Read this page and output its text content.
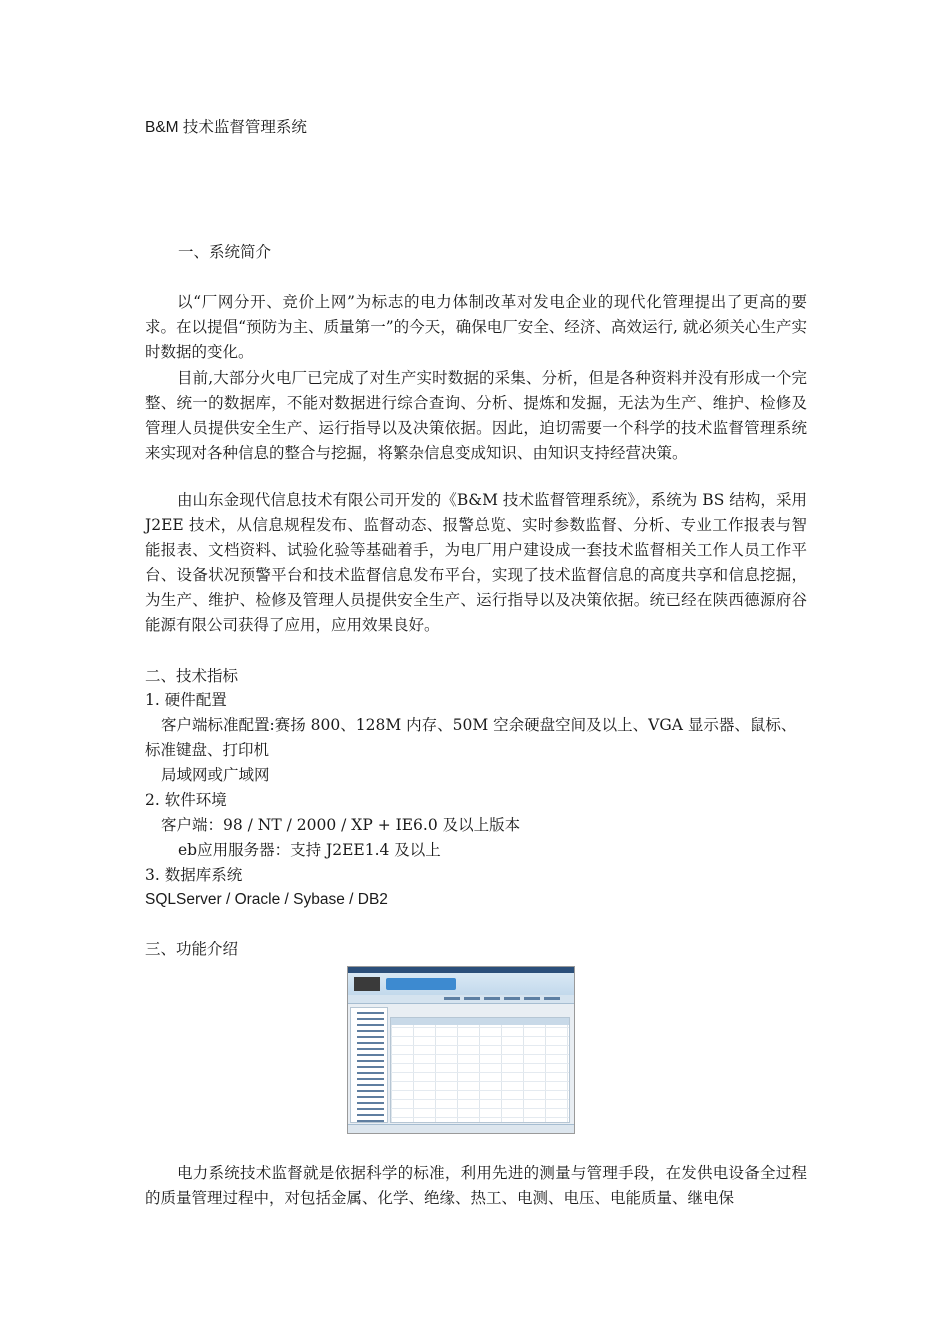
B&M 技术监督管理系统
一、系统简介
以“厂网分开、竞价上网”为标志的电力体制改革对发电企业的现代化管理提出了更高的要求。在以提倡“预防为主、质量第一”的今天，确保电厂安全、经济、高效运行, 就必须关心生产实时数据的变化。
目前,大部分火电厂已完成了对生产实时数据的采集、分析，但是各种资料并没有形成一个完整、统一的数据库，不能对数据进行综合查询、分析、提炼和发掘，无法为生产、维护、检修及管理人员提供安全生产、运行指导以及决策依据。因此，迫切需要一个科学的技术监督管理系统来实现对各种信息的整合与挖掘，将繁杂信息变成知识、由知识支持经营决策。
由山东金现代信息技术有限公司开发的《B&M 技术监督管理系统》，系统为 BS 结构，采用 J2EE 技术，从信息规程发布、监督动态、报警总览、实时参数监督、分析、专业工作报表与智能报表、文档资料、试验化验等基础着手，为电厂用户建设成一套技术监督相关工作人员工作平台、设备状况预警平台和技术监督信息发布平台，实现了技术监督信息的高度共享和信息挖掘， 为生产、维护、检修及管理人员提供安全生产、运行指导以及决策依据。统已经在陕西德源府谷能源有限公司获得了应用，应用效果良好。
二、技术指标
1. 硬件配置
客户端标准配置:赛扬 800、128M 内存、50M 空余硬盘空间及以上、VGA 显示器、鼠标、
标准键盘、打印机
局域网或广域网
2. 软件环境
客户端：98 / NT / 2000 / XP + IE6.0 及以上版本
eb应用服务器：支持 J2EE1.4 及以上
3. 数据库系统
SQLServer / Oracle / Sybase / DB2
三、功能介绍
电力系统技术监督就是依据科学的标准，利用先进的测量与管理手段，在发供电设备全过程的质量管理过程中，对包括金属、化学、绝缘、热工、电测、电压、电能质量、继电保
